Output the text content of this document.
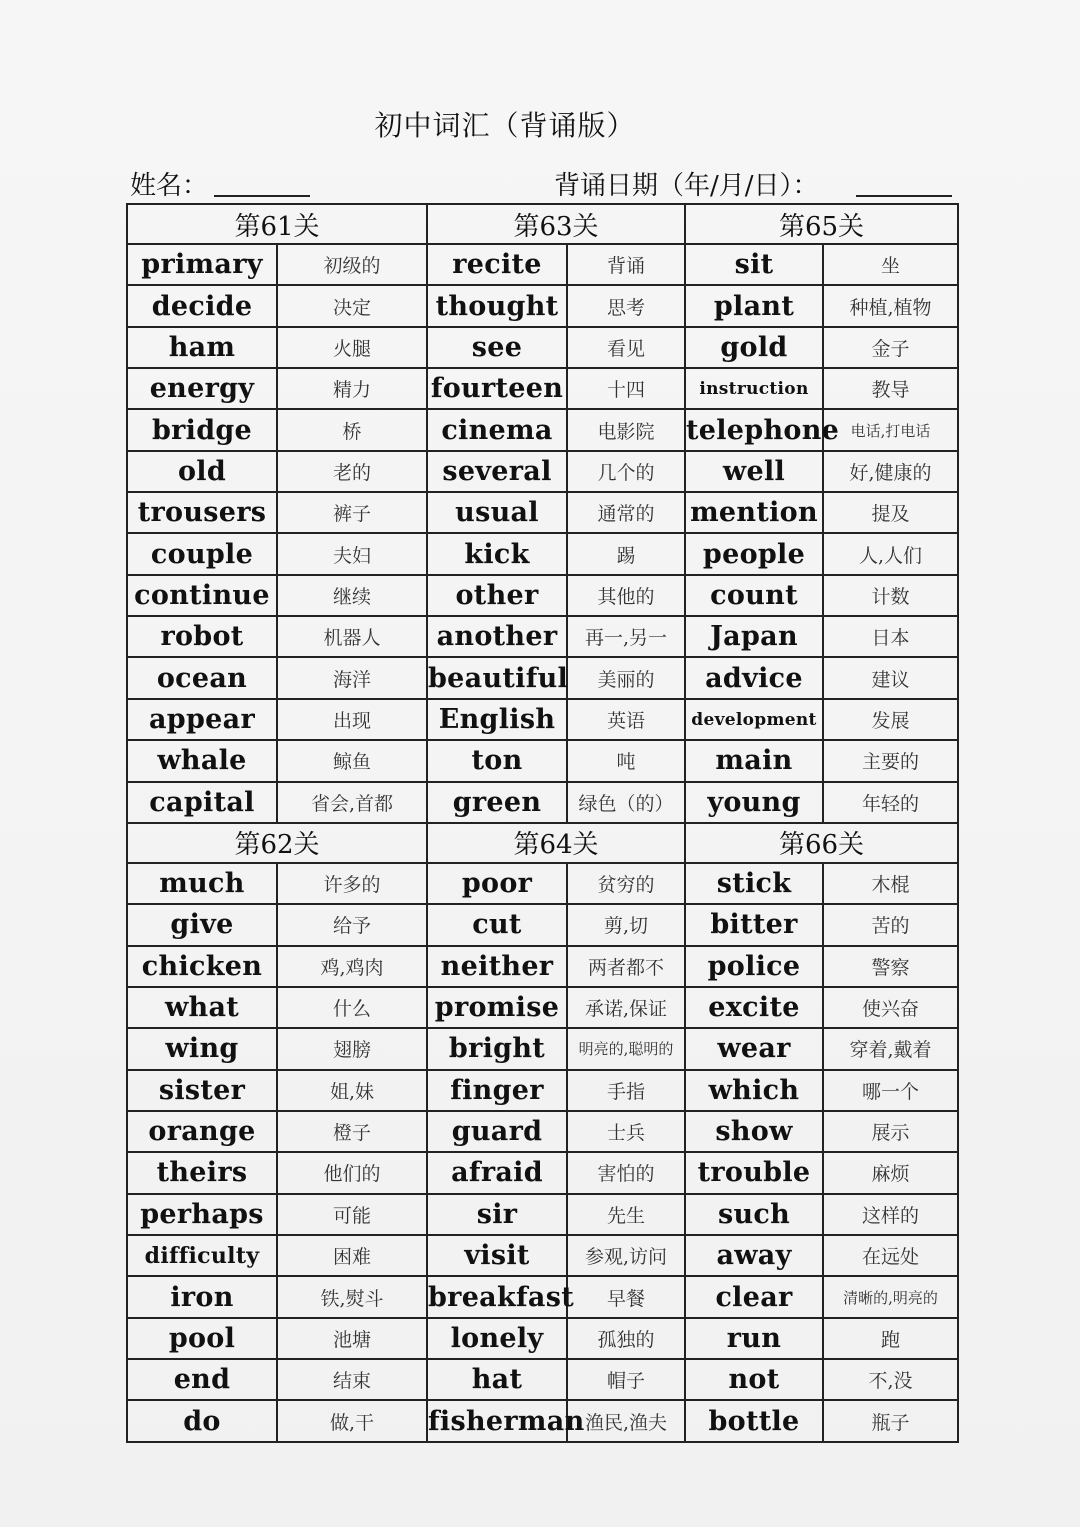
初中词汇（背诵版）
姓名：	背诵日期（年/月/日）：
第61关		第63关		第65关	
primary	初级的	recite	背诵	sit	坐
decide	决定	thought	思考	plant	种植,植物
ham	火腿	see	看见	gold	金子
energy	精力	fourteen	十四	instruction	教导
bridge	桥	cinema	电影院	telephone	电话,打电话
old	老的	several	几个的	well	好,健康的
trousers	裤子	usual	通常的	mention	提及
couple	夫妇	kick	踢	people	人,人们
continue	继续	other	其他的	count	计数
robot	机器人	another	再一,另一	Japan	日本
ocean	海洋	beautiful	美丽的	advice	建议
appear	出现	English	英语	development	发展
whale	鲸鱼	ton	吨	main	主要的
capital	省会,首都	green	绿色（的）	young	年轻的
第62关		第64关		第66关	
much	许多的	poor	贫穷的	stick	木棍
give	给予	cut	剪,切	bitter	苦的
chicken	鸡,鸡肉	neither	两者都不	police	警察
what	什么	promise	承诺,保证	excite	使兴奋
wing	翅膀	bright	明亮的,聪明的	wear	穿着,戴着
sister	姐,妹	finger	手指	which	哪一个
orange	橙子	guard	士兵	show	展示
theirs	他们的	afraid	害怕的	trouble	麻烦
perhaps	可能	sir	先生	such	这样的
difficulty	困难	visit	参观,访问	away	在远处
iron	铁,熨斗	breakfast	早餐	clear	清晰的,明亮的
pool	池塘	lonely	孤独的	run	跑
end	结束	hat	帽子	not	不,没
do	做,干	fisherman	渔民,渔夫	bottle	瓶子
